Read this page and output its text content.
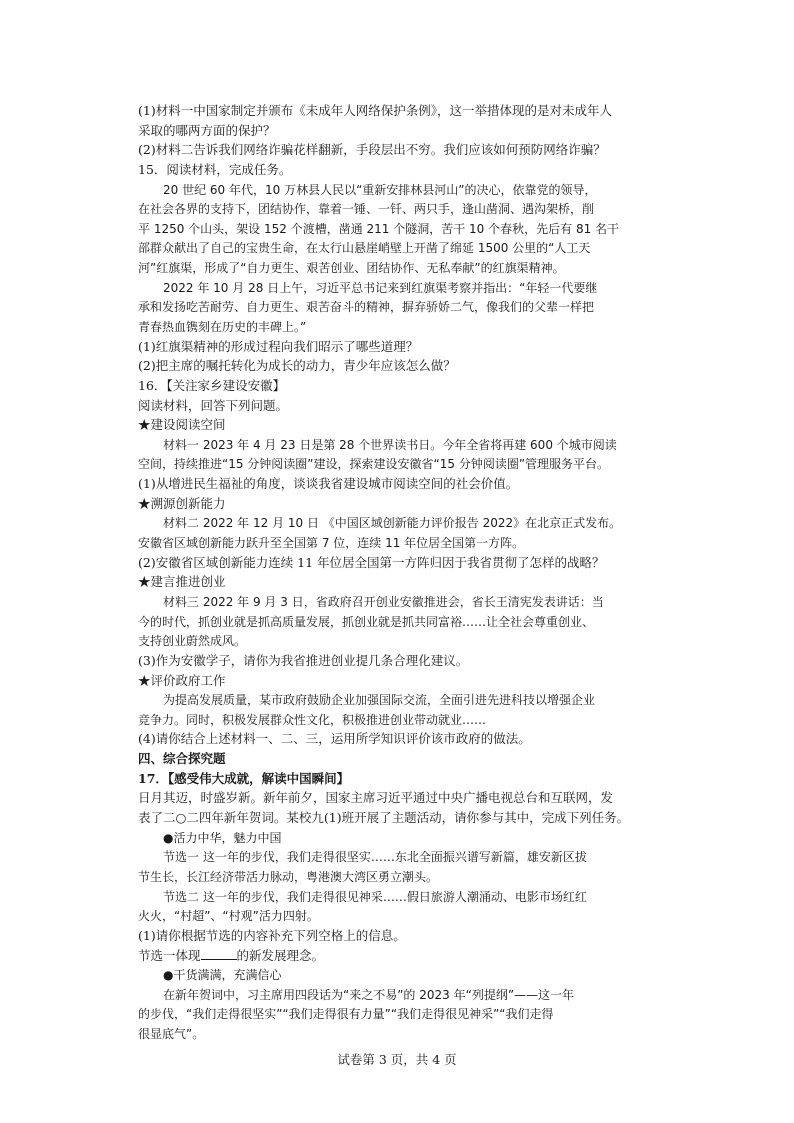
(1)材料一中国家制定并颁布《未成年人网络保护条例》，这一举措体现的是对未成年人
采取的哪两方面的保护？
(2)材料二告诉我们网络诈骗花样翻新，手段层出不穷。我们应该如何预防网络诈骗？
15．阅读材料，完成任务。
20 世纪 60 年代，10 万林县人民以“重新安排林县河山”的决心，依靠党的领导，
在社会各界的支持下，团结协作，靠着一锤、一钎、两只手，逢山凿洞、遇沟架桥，削
平 1250 个山头，架设 152 个渡槽，凿通 211 个隧洞，苦干 10 个春秋，先后有 81 名干
部群众献出了自己的宝贵生命，在太行山悬崖峭壁上开凿了绵延 1500 公里的“人工天
河”红旗渠，形成了“自力更生、艰苦创业、团结协作、无私奉献”的红旗渠精神。
2022 年 10 月 28 日上午，习近平总书记来到红旗渠考察并指出：“年轻一代要继
承和发扬吃苦耐劳、自力更生、艰苦奋斗的精神，摒弃骄娇二气，像我们的父辈一样把
青春热血镌刻在历史的丰碑上。”
(1)红旗渠精神的形成过程向我们昭示了哪些道理？
(2)把主席的嘱托转化为成长的动力，青少年应该怎么做？
16．【关注家乡建设安徽】
阅读材料，回答下列问题。
★建设阅读空间
材料一 2023 年 4 月 23 日是第 28 个世界读书日。今年全省将再建 600 个城市阅读
空间，持续推进“15 分钟阅读圈”建设，探索建设安徽省“15 分钟阅读圈”管理服务平台。
(1)从增进民生福祉的角度，谈谈我省建设城市阅读空间的社会价值。
★溯源创新能力
材料二 2022 年 12 月 10 日 《中国区域创新能力评价报告 2022》在北京正式发布。
安徽省区域创新能力跃升至全国第 7 位，连续 11 年位居全国第一方阵。
(2)安徽省区域创新能力连续 11 年位居全国第一方阵归因于我省贯彻了怎样的战略？
★建言推进创业
材料三 2022 年 9 月 3 日，省政府召开创业安徽推进会，省长王清宪发表讲话：当
今的时代，抓创业就是抓高质量发展，抓创业就是抓共同富裕……让全社会尊重创业、
支持创业蔚然成风。
(3)作为安徽学子，请你为我省推进创业提几条合理化建议。
★评价政府工作
为提高发展质量，某市政府鼓励企业加强国际交流，全面引进先进科技以增强企业
竞争力。同时，积极发展群众性文化，积极推进创业带动就业……
(4)请你结合上述材料一、二、三，运用所学知识评价该市政府的做法。
四、综合探究题
17．【感受伟大成就，解读中国瞬间】
日月其迈，时盛岁新。新年前夕，国家主席习近平通过中央广播电视总台和互联网，发
表了二○二四年新年贺词。某校九(1)班开展了主题活动，请你参与其中，完成下列任务。
●活力中华，魅力中国
节选一 这一年的步伐，我们走得很坚实……东北全面振兴谱写新篇，雄安新区拔
节生长，长江经济带活力脉动，粤港澳大湾区勇立潮头。
节选二 这一年的步伐，我们走得很见神采……假日旅游人潮涌动、电影市场红红
火火，“村超”、“村观”活力四射。
(1)请你根据节选的内容补充下列空格上的信息。
节选一体现	的新发展理念。
●干货满满，充满信心
在新年贺词中，习主席用四段话为“来之不易”的 2023 年“列提纲”——这一年
的步伐，“我们走得很坚实”“我们走得很有力量”“我们走得很见神采”“我们走得
很显底气”。
试卷第 3 页，共 4 页
